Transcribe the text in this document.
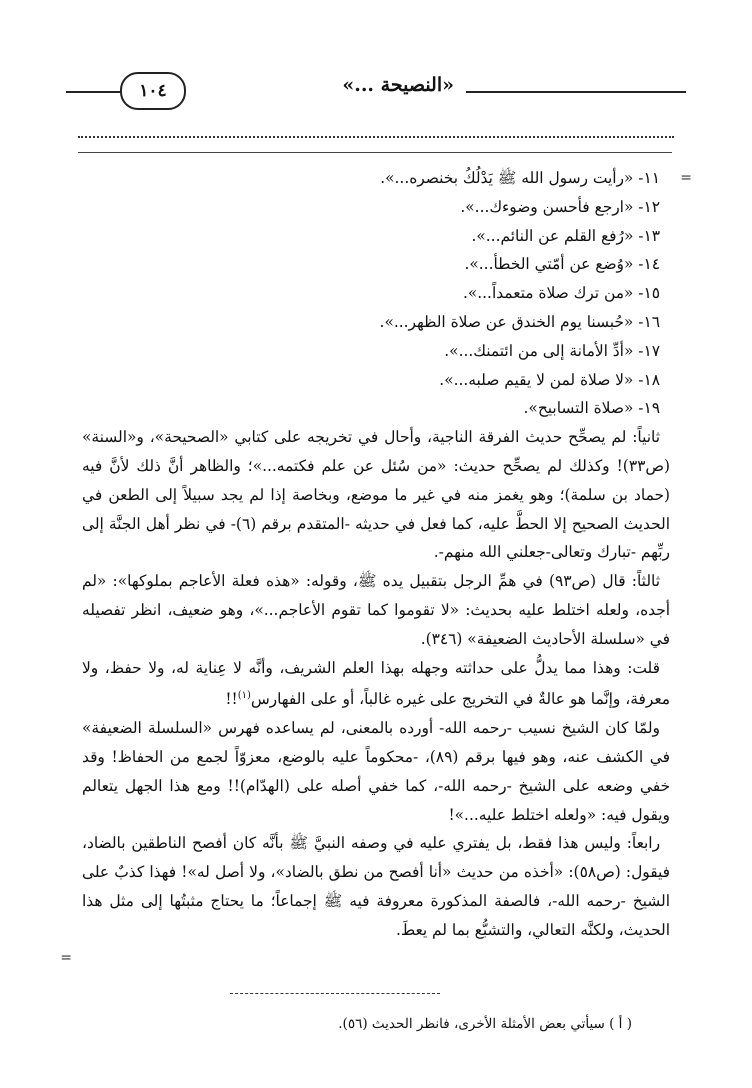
«النصيحة ...»
١٠٤
=
=
١١- «رأيت رسول الله ﷺ يَدْلُكُ بخنصره...».
١٢- «ارجع فأحسن وضوءك...».
١٣- «رُفع القلم عن النائم...».
١٤- «وُضع عن أمّتي الخطأ...».
١٥- «من ترك صلاة متعمداً...».
١٦- «حُبسنا يوم الخندق عن صلاة الظهر...».
١٧- «أدِّ الأمانة إلى من ائتمنك...».
١٨- «لا صلاة لمن لا يقيم صلبه...».
١٩- «صلاة التسابيح».

ثانياً: لم يصحِّح حديث الفرقة الناجية، وأحال في تخريجه على كتابي «الصحيحة»، و«السنة» (ص٣٣)! وكذلك لم يصحِّح حديث: «من سُئل عن علم فكتمه...»؛ والظاهر أنَّ ذلك لأنَّ فيه (حماد بن سلمة)؛ وهو يغمز منه في غير ما موضع، وبخاصة إذا لم يجد سبيلاً إلى الطعن في الحديث الصحيح إلا الحطَّ عليه، كما فعل في حديثه -المتقدم برقم (٦)- في نظر أهل الجنَّة إلى ربِّهم -تبارك وتعالى-جعلني الله منهم-.

ثالثاً: قال (ص٩٣) في همِّ الرجل بتقبيل يده ﷺ، وقوله: «هذه فعلة الأعاجم بملوكها»: «لم أجده، ولعله اختلط عليه بحديث: «لا تقوموا كما تقوم الأعاجم...»، وهو ضعيف، انظر تفصيله في «سلسلة الأحاديث الضعيفة» (٣٤٦).

قلت: وهذا مما يدلُّ على حداثته وجهله بهذا العلم الشريف، وأنَّه لا عِناية له، ولا حفظ، ولا معرفة، وإنَّما هو عالةٌ في التخريج على غيره غالباً، أو على الفهارس$^{(١)}$!!

ولمّا كان الشيخ نسيب -رحمه الله- أورده بالمعنى، لم يساعده فهرس «السلسلة الضعيفة» في الكشف عنه، وهو فيها برقم (٨٩)، -محكوماً عليه بالوضع، معزوّاً لجمع من الحفاظ! وقد خفي وضعه على الشيخ -رحمه الله-، كما خفي أصله على (الهدّام)!! ومع هذا الجهل يتعالم ويقول فيه: «ولعله اختلط عليه...»!

رابعاً: وليس هذا فقط، بل يفتري عليه في وصفه النبيَّ ﷺ بأنَّه كان أفصح الناطقين بالضاد، فيقول: (ص٥٨): «أخذه من حديث «أنا أفصح من نطق بالضاد»، ولا أصل له»! فهذا كذبٌ على الشيخ -رحمه الله-، فالصفة المذكورة معروفة فيه ﷺ إجماعاً؛ ما يحتاج مثبتُها إلى مثل هذا الحديث، ولكنَّه التعالي، والتشبُّع بما لم يعطَ.

( أ ) سيأتي بعض الأمثلة الأخرى، فانظر الحديث (٥٦).
